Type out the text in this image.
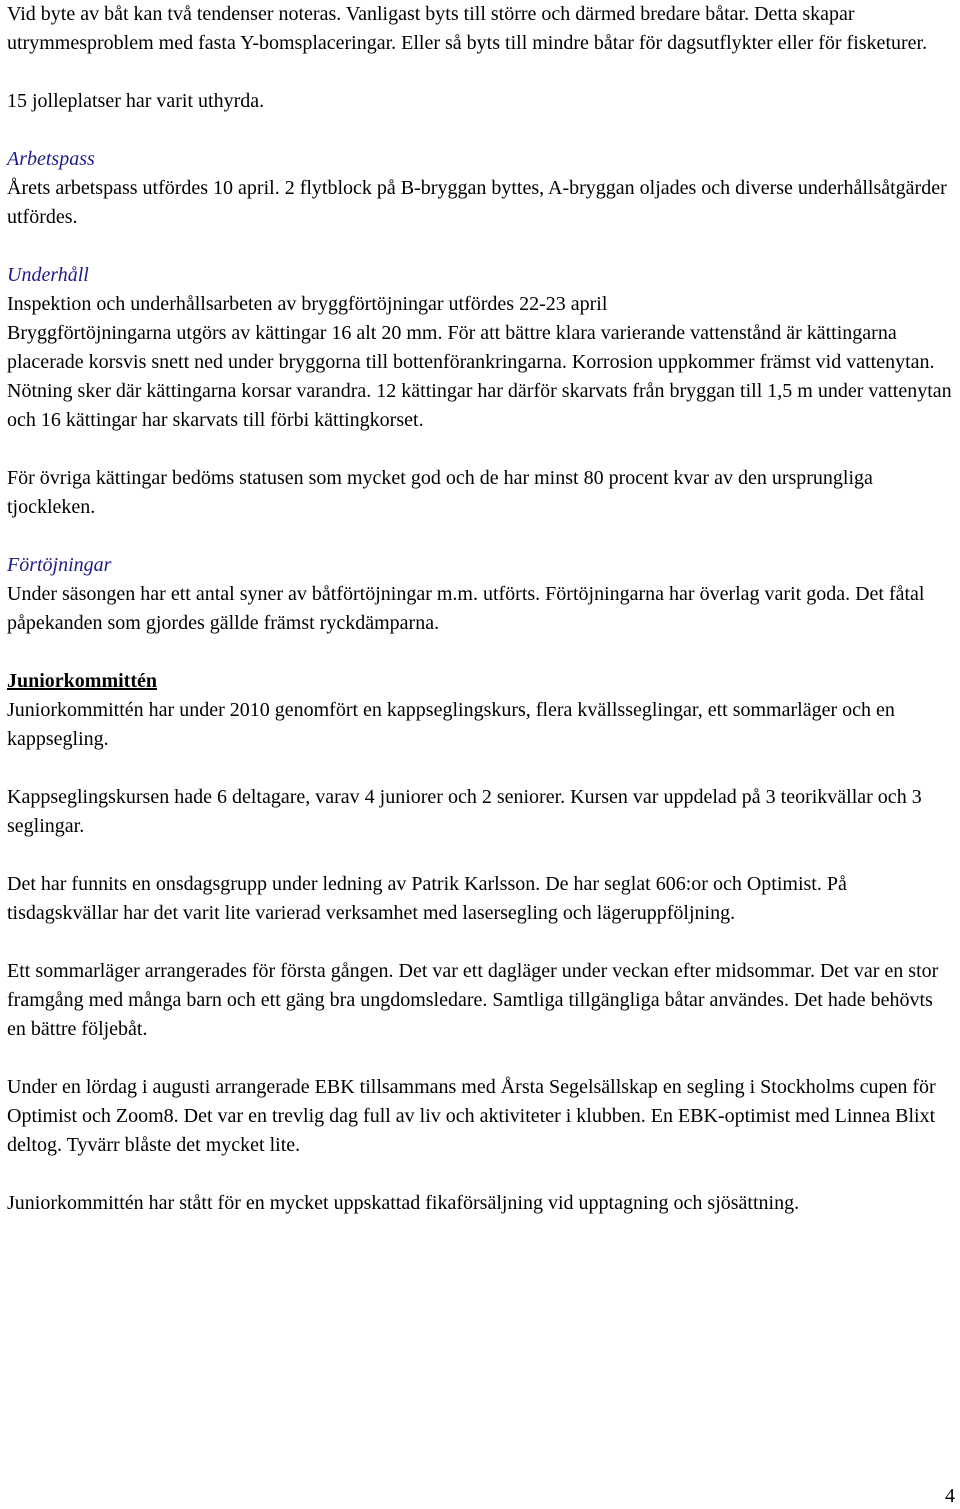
Vid byte av båt kan två tendenser noteras. Vanligast byts till större och därmed bredare båtar. Detta skapar utrymmesproblem med fasta Y-bomsplaceringar. Eller så byts till mindre båtar för dagsutflykter eller för fisketurer.

15 jolleplatser har varit uthyrda.

Arbetspass

Årets arbetspass utfördes 10 april. 2 flytblock på B-bryggan byttes, A-bryggan oljades och diverse underhållsåtgärder utfördes.

Underhåll

Inspektion och underhållsarbeten av bryggförtöjningar utfördes 22-23 april

Bryggförtöjningarna utgörs av kättingar 16 alt 20 mm. För att bättre klara varierande vattenstånd är kättingarna placerade korsvis snett ned under bryggorna till bottenförankringarna. Korrosion uppkommer främst vid vattenytan. Nötning sker där kättingarna korsar varandra. 12 kättingar har därför skarvats från bryggan till 1,5 m under vattenytan och 16 kättingar har skarvats till förbi kättingkorset.

För övriga kättingar bedöms statusen som mycket god och de har minst 80 procent kvar av den ursprungliga tjockleken.

Förtöjningar

Under säsongen har ett antal syner av båtförtöjningar m.m. utförts. Förtöjningarna har överlag varit goda. Det fåtal påpekanden som gjordes gällde främst ryckdämparna.

Juniorkommittén

Juniorkommittén har under 2010 genomfört en kappseglingskurs, flera kvällsseglingar, ett sommarläger och en kappsegling.

Kappseglingskursen hade 6 deltagare, varav 4 juniorer och 2 seniorer. Kursen var uppdelad på 3 teorikvällar och 3 seglingar.

Det har funnits en onsdagsgrupp under ledning av Patrik Karlsson. De har seglat 606:or och Optimist. På tisdagskvällar har det varit lite varierad verksamhet med lasersegling och lägeruppföljning.

Ett sommarläger arrangerades för första gången. Det var ett dagläger under veckan efter midsommar. Det var en stor framgång med många barn och ett gäng bra ungdomsledare. Samtliga tillgängliga båtar användes. Det hade behövts en bättre följebåt.

Under en lördag i augusti arrangerade EBK tillsammans med Årsta Segelsällskap en segling i Stockholms cupen för Optimist och Zoom8. Det var en trevlig dag full av liv och aktiviteter i klubben. En EBK-optimist med Linnea Blixt deltog. Tyvärr blåste det mycket lite.

Juniorkommittén har stått för en mycket uppskattad fikaförsäljning vid upptagning och sjösättning.

4
